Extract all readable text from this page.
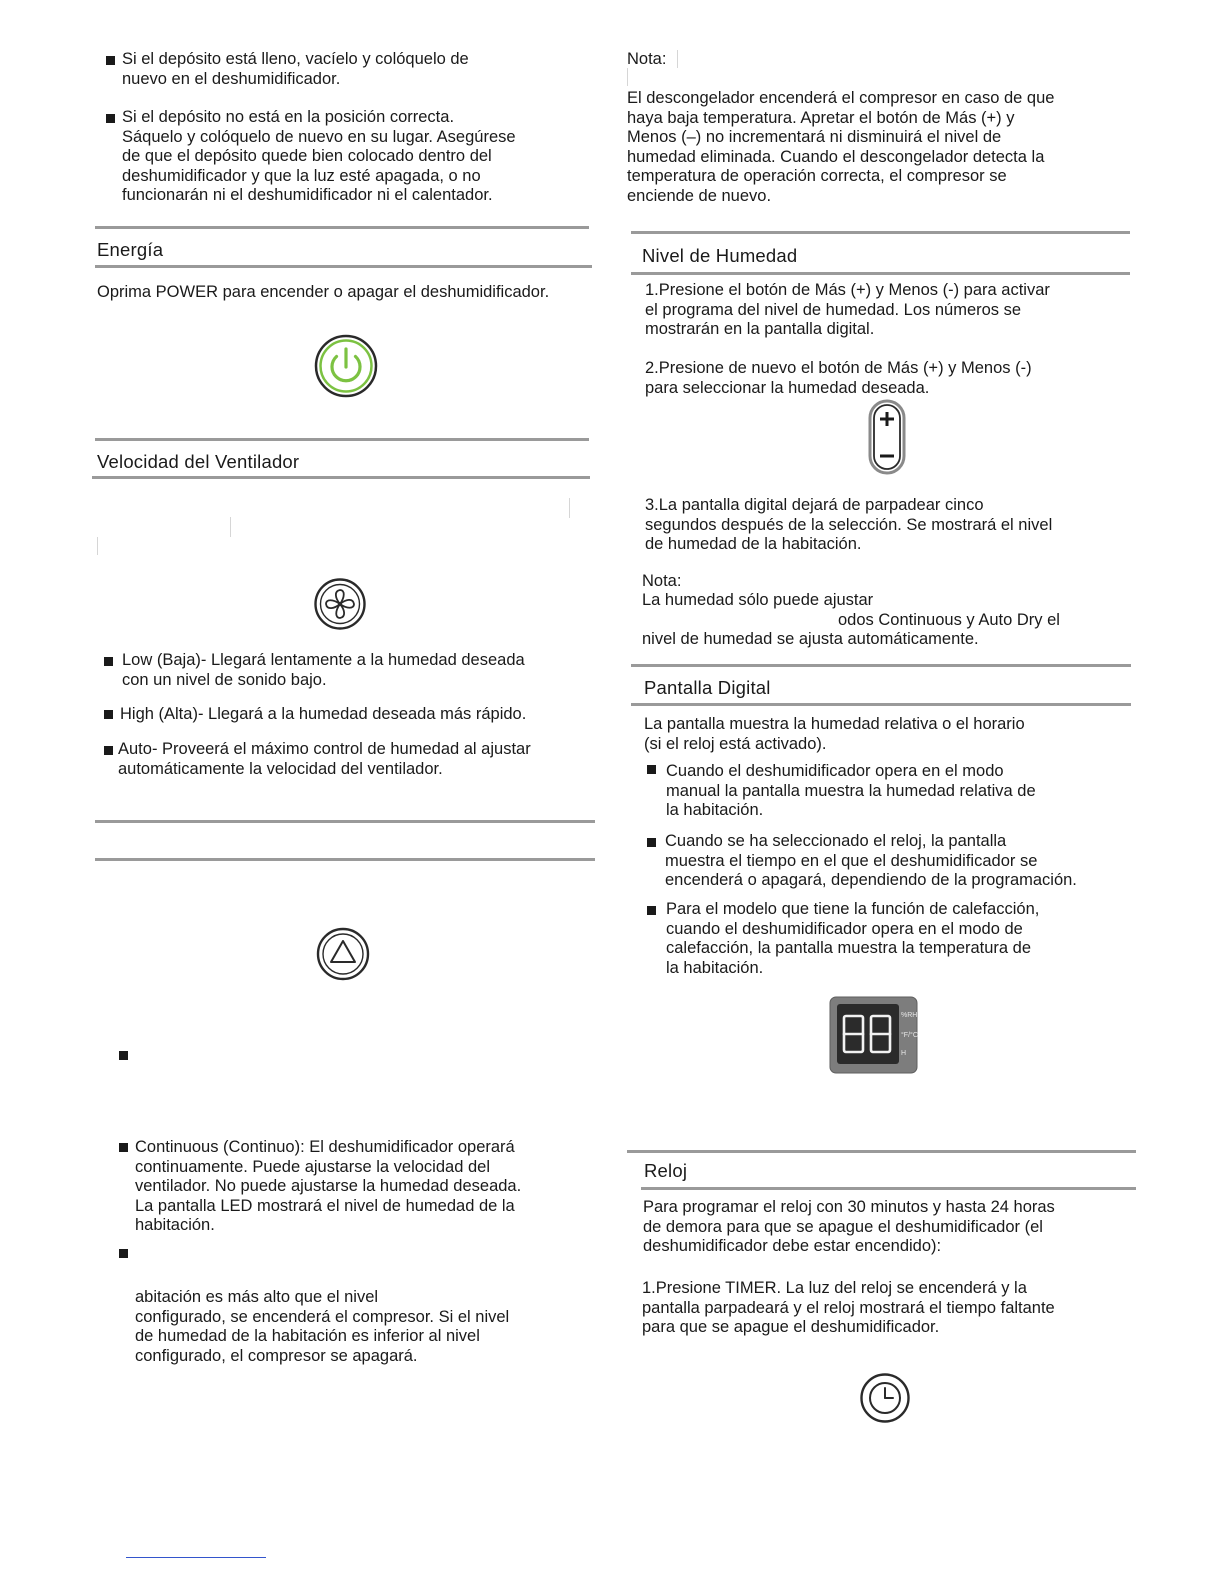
Si el depósito está lleno, vacíelo y colóquelo de
nuevo en el deshumidificador.
Si el depósito no está en la posición correcta.
Sáquelo y colóquelo de nuevo en su lugar. Asegúrese
de que el depósito quede bien colocado dentro del
deshumidificador y que la luz esté apagada, o no
funcionarán ni el deshumidificador ni el calentador.
Energía
Oprima POWER para encender o apagar el deshumidificador.
Velocidad del Ventilador
Low (Baja)- Llegará lentamente a la humedad deseada
con un nivel de sonido bajo.
High (Alta)- Llegará a la humedad deseada más rápido.
Auto- Proveerá el máximo control de humedad al ajustar
automáticamente la velocidad del ventilador.
Continuous (Continuo): El deshumidificador operará
continuamente. Puede ajustarse la velocidad del
ventilador. No puede ajustarse la humedad deseada.
La pantalla LED mostrará el nivel de humedad de la
habitación.
abitación es más alto que el nivel
configurado, se encenderá el compresor. Si el nivel
de humedad de la habitación es inferior al nivel
configurado, el compresor se apagará.
Nota:
El descongelador encenderá el compresor en caso de que
haya baja temperatura. Apretar el botón de Más (+) y
Menos (–) no incrementará ni disminuirá el nivel de
humedad eliminada. Cuando el descongelador detecta la
temperatura de operación correcta, el compresor se
enciende de nuevo.
Nivel de Humedad
1.Presione el botón de Más (+) y Menos (-) para activar
el programa del nivel de humedad. Los números se
mostrarán en la pantalla digital.
2.Presione de nuevo el botón de Más (+) y Menos (-)
para seleccionar la humedad deseada.
3.La pantalla digital dejará de parpadear cinco
segundos después de la selección. Se mostrará el nivel
de humedad de la habitación.
Nota:
La humedad sólo puede ajustar
odos Continuous y Auto Dry el
nivel de humedad se ajusta automáticamente.
Pantalla Digital
La pantalla muestra la humedad relativa o el horario
(si el reloj está activado).
Cuando el deshumidificador opera en el modo
manual la pantalla muestra la humedad relativa de
la habitación.
Cuando se ha seleccionado el reloj, la pantalla
muestra el tiempo en el que el deshumidificador se
encenderá o apagará, dependiendo de la programación.
Para el modelo que tiene la función de calefacción,
cuando el deshumidificador opera en el modo de
calefacción, la pantalla muestra la temperatura de
la habitación.
%RH
°F/°C
H
Reloj
Para programar el reloj con 30 minutos y hasta 24 horas
de demora para que se apague el deshumidificador (el
deshumidificador debe estar encendido):
1.Presione TIMER. La luz del reloj se encenderá y la
pantalla parpadeará y el reloj mostrará el tiempo faltante
para que se apague el deshumidificador.
